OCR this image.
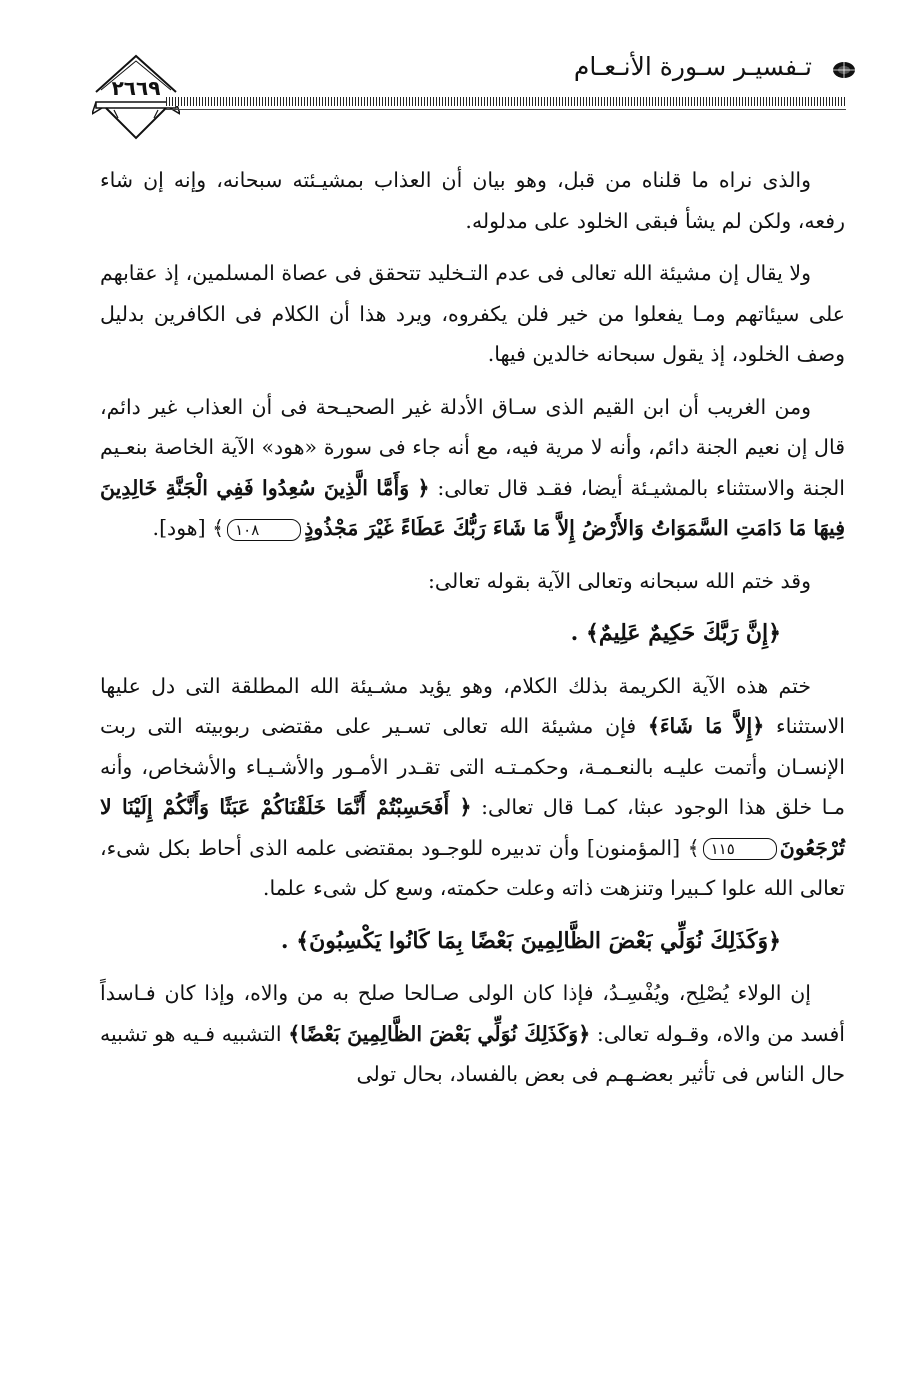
٢٦٦٩
تـفسيـر سـورة الأنـعـام

والذى نراه ما قلناه من قبل، وهو بيان أن العذاب بمشيـئته سبحانه، وإنه إن شاء رفعه، ولكن لم يشأ فبقى الخلود على مدلوله.

ولا يقال إن مشيئة الله تعالى فى عدم التـخليد تتحقق فى عصاة المسلمين، إذ عقابهم على سيئاتهم ومـا يفعلوا من خير فلن يكفروه، ويرد هذا أن الكلام فى الكافرين بدليل وصف الخلود، إذ يقول سبحانه خالدين فيها.

ومن الغريب أن ابن القيم الذى سـاق الأدلة غير الصحيـحة فى أن العذاب غير دائم، قال إن نعيم الجنة دائم، وأنه لا مرية فيه، مع أنه جاء فى سورة «هود» الآية الخاصة بنعـيم الجنة والاستثناء بالمشيـئة أيضا، فقـد قال تعالى: ﴿ وَأَمَّا الَّذِينَ سُعِدُوا فَفِي الْجَنَّةِ خَالِدِينَ فِيهَا مَا دَامَتِ السَّمَوَاتُ وَالأَرْضُ إِلاَّ مَا شَاءَ رَبُّكَ عَطَاءً غَيْرَ مَجْذُوذٍ١٠٨﴾ [هود].

وقد ختم الله سبحانه وتعالى الآية بقوله تعالى:

﴿إِنَّ رَبَّكَ حَكِيمٌ عَلِيمٌ﴾ .

ختم هذه الآية الكريمة بذلك الكلام، وهو يؤيد مشـيئة الله المطلقة التى دل عليها الاستثناء ﴿إِلاَّ مَا شَاءَ﴾ فإن مشيئة الله تعالى تسـير على مقتضى ربوبيته التى ربت الإنسـان وأتمت عليـه بالنعـمـة، وحكمـتـه التى تقـدر الأمـور والأشـيـاء والأشخاص، وأنه مـا خلق هذا الوجود عبثا، كمـا قال تعالى: ﴿ أَفَحَسِبْتُمْ أَنَّمَا خَلَقْنَاكُمْ عَبَثًا وَأَنَّكُمْ إِلَيْنَا لا تُرْجَعُونَ١١٥﴾ [المؤمنون] وأن تدبيره للوجـود بمقتضى علمه الذى أحاط بكل شىء، تعالى الله علوا كـبيرا وتنزهت ذاته وعلت حكمته، وسع كل شىء علما.

﴿وَكَذَلِكَ نُوَلِّي بَعْضَ الظَّالِمِينَ بَعْضًا بِمَا كَانُوا يَكْسِبُونَ﴾ .

إن الولاء يُصْلِح، ويُفْسِـدُ، فإذا كان الولى صـالحا صلح به من والاه، وإذا كان فـاسداً أفسد من والاه، وقـوله تعالى: ﴿وَكَذَلِكَ نُوَلِّي بَعْضَ الظَّالِمِينَ بَعْضًا﴾ التشبيه فـيه هو تشبيه حال الناس فى تأثير بعضـهـم فى بعض بالفساد، بحال تولى
